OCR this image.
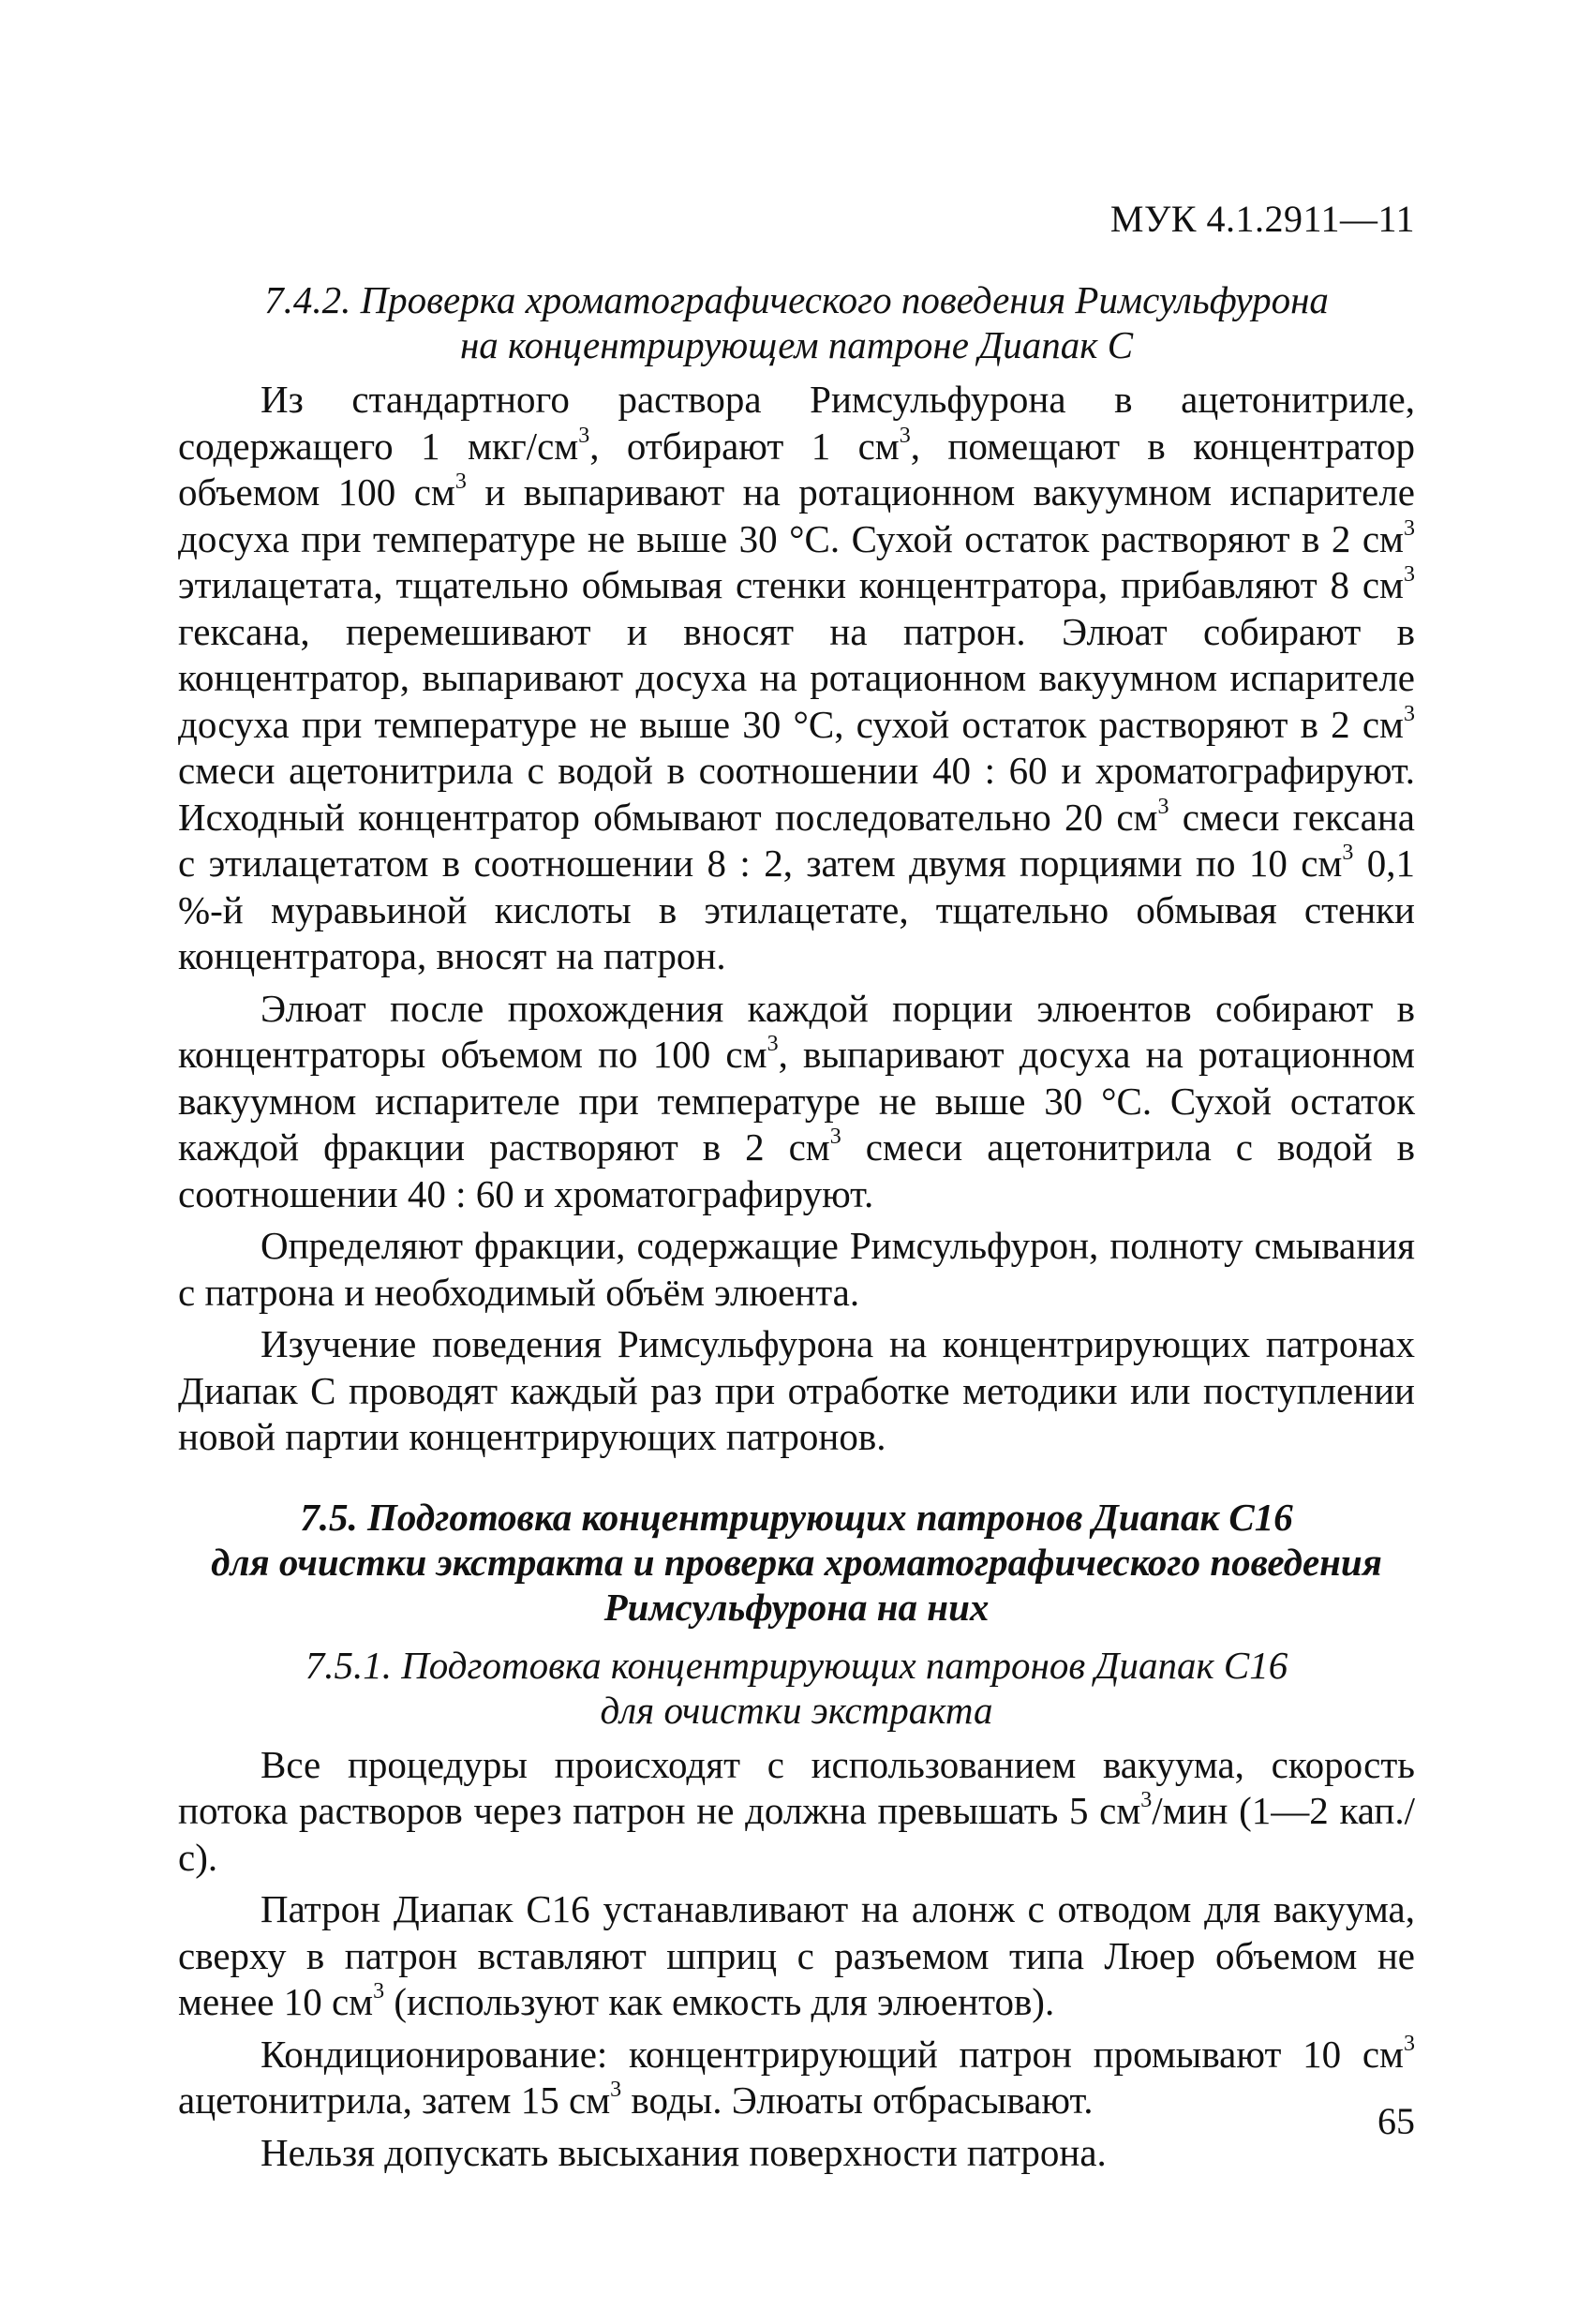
МУК 4.1.2911—11
7.4.2. Проверка хроматографического поведения Римсульфурона
на концентрирующем патроне Диапак С

Из стандартного раствора Римсульфурона в ацетонитриле, содержащего 1 мкг/$см^3$, отбирают 1 $см^3$, помещают в концентратор объемом 100 $см^3$ и выпаривают на ротационном вакуумном испарителе досуха при температуре не выше 30 °С. Сухой остаток растворяют в 2 $см^3$ этилацетата, тщательно обмывая стенки концентратора, прибавляют 8 $см^3$ гексана, перемешивают и вносят на патрон. Элюат собирают в концентратор, выпаривают досуха на ротационном вакуумном испарителе досуха при температуре не выше 30 °С, сухой остаток растворяют в 2 $см^3$ смеси ацетонитрила с водой в соотношении 40 : 60 и хроматографируют. Исходный концентратор обмывают последовательно 20 $см^3$ смеси гексана с этилацетатом в соотношении 8 : 2, затем двумя порциями по 10 $см^3$ 0,1 %-й муравьиной кислоты в этилацетате, тщательно обмывая стенки концентратора, вносят на патрон.

Элюат после прохождения каждой порции элюентов собирают в концентраторы объемом по 100 $см^3$, выпаривают досуха на ротационном вакуумном испарителе при температуре не выше 30 °С. Сухой остаток каждой фракции растворяют в 2 $см^3$ смеси ацетонитрила с водой в соотношении 40 : 60 и хроматографируют.

Определяют фракции, содержащие Римсульфурон, полноту смывания с патрона и необходимый объём элюента.

Изучение поведения Римсульфурона на концентрирующих патронах Диапак С проводят каждый раз при отработке методики или поступлении новой партии концентрирующих патронов.

7.5. Подготовка концентрирующих патронов Диапак С16
для очистки экстракта и проверка хроматографического поведения
Римсульфурона на них
7.5.1. Подготовка концентрирующих патронов Диапак С16
для очистки экстракта

Все процедуры происходят с использованием вакуума, скорость потока растворов через патрон не должна превышать 5 $см^3$/мин (1—2 кап./с).

Патрон Диапак С16 устанавливают на алонж с отводом для вакуума, сверху в патрон вставляют шприц с разъемом типа Люер объемом не менее 10 $см^3$ (используют как емкость для элюентов).

Кондиционирование: концентрирующий патрон промывают 10 $см^3$ ацетонитрила, затем 15 $см^3$ воды. Элюаты отбрасывают.

Нельзя допускать высыхания поверхности патрона.

65
